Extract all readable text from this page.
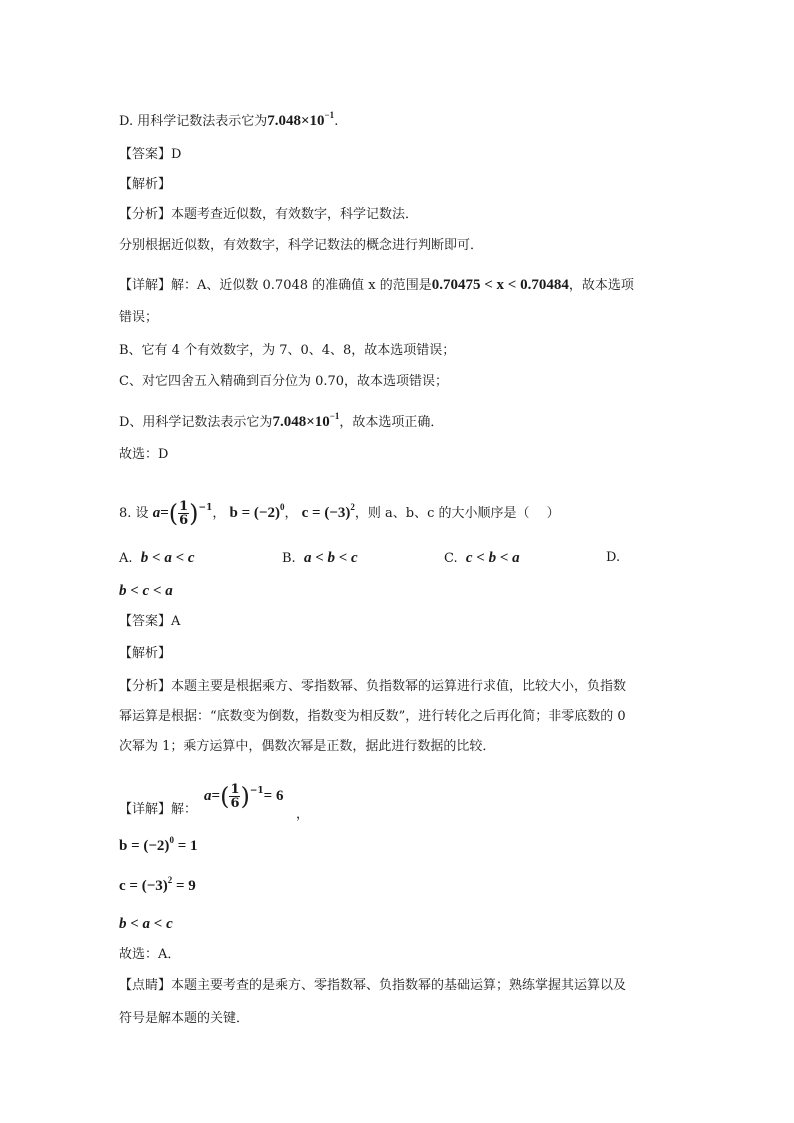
D. 用科学记数法表示它为$7.048\times 10^{-1}$.
【答案】D
【解析】
【分析】本题考查近似数，有效数字，科学记数法．
分别根据近似数，有效数字，科学记数法的概念进行判断即可．
【详解】解：A、近似数 0.7048 的准确值 x 的范围是0.70475 < x < 0.70484，故本选项
错误；
B、它有 4 个有效数字，为 7、0、4、8，故本选项错误；
C、对它四舍五入精确到百分位为 0.70，故本选项错误；
D、用科学记数法表示它为$7.048\times 10^{-1}$，故本选项正确．
故选：D
8. 设 $a=( \frac{1}{6} )^{-1}$， $b = (-2)^0$， $c = (-3)^2$，则 a、b、c 的大小顺序是（　 ）
A. b < a < c	B. a < b < c	C. c < b < a	D.
b < c < a
【答案】A
【解析】
【分析】本题主要是根据乘方、零指数幂、负指数幂的运算进行求值，比较大小，负指数
幂运算是根据：“底数变为倒数，指数变为相反数”，进行转化之后再化简；非零底数的 0
次幂为 1；乘方运算中，偶数次幂是正数，据此进行数据的比较．
【详解】解：
$a=( \frac{1}{6} )^{-1}= 6$
，
$b = (-2)^0 = 1$
$c = (-3)^2 = 9$
b < a < c
故选：A．
【点睛】本题主要考查的是乘方、零指数幂、负指数幂的基础运算；熟练掌握其运算以及
符号是解本题的关键．
